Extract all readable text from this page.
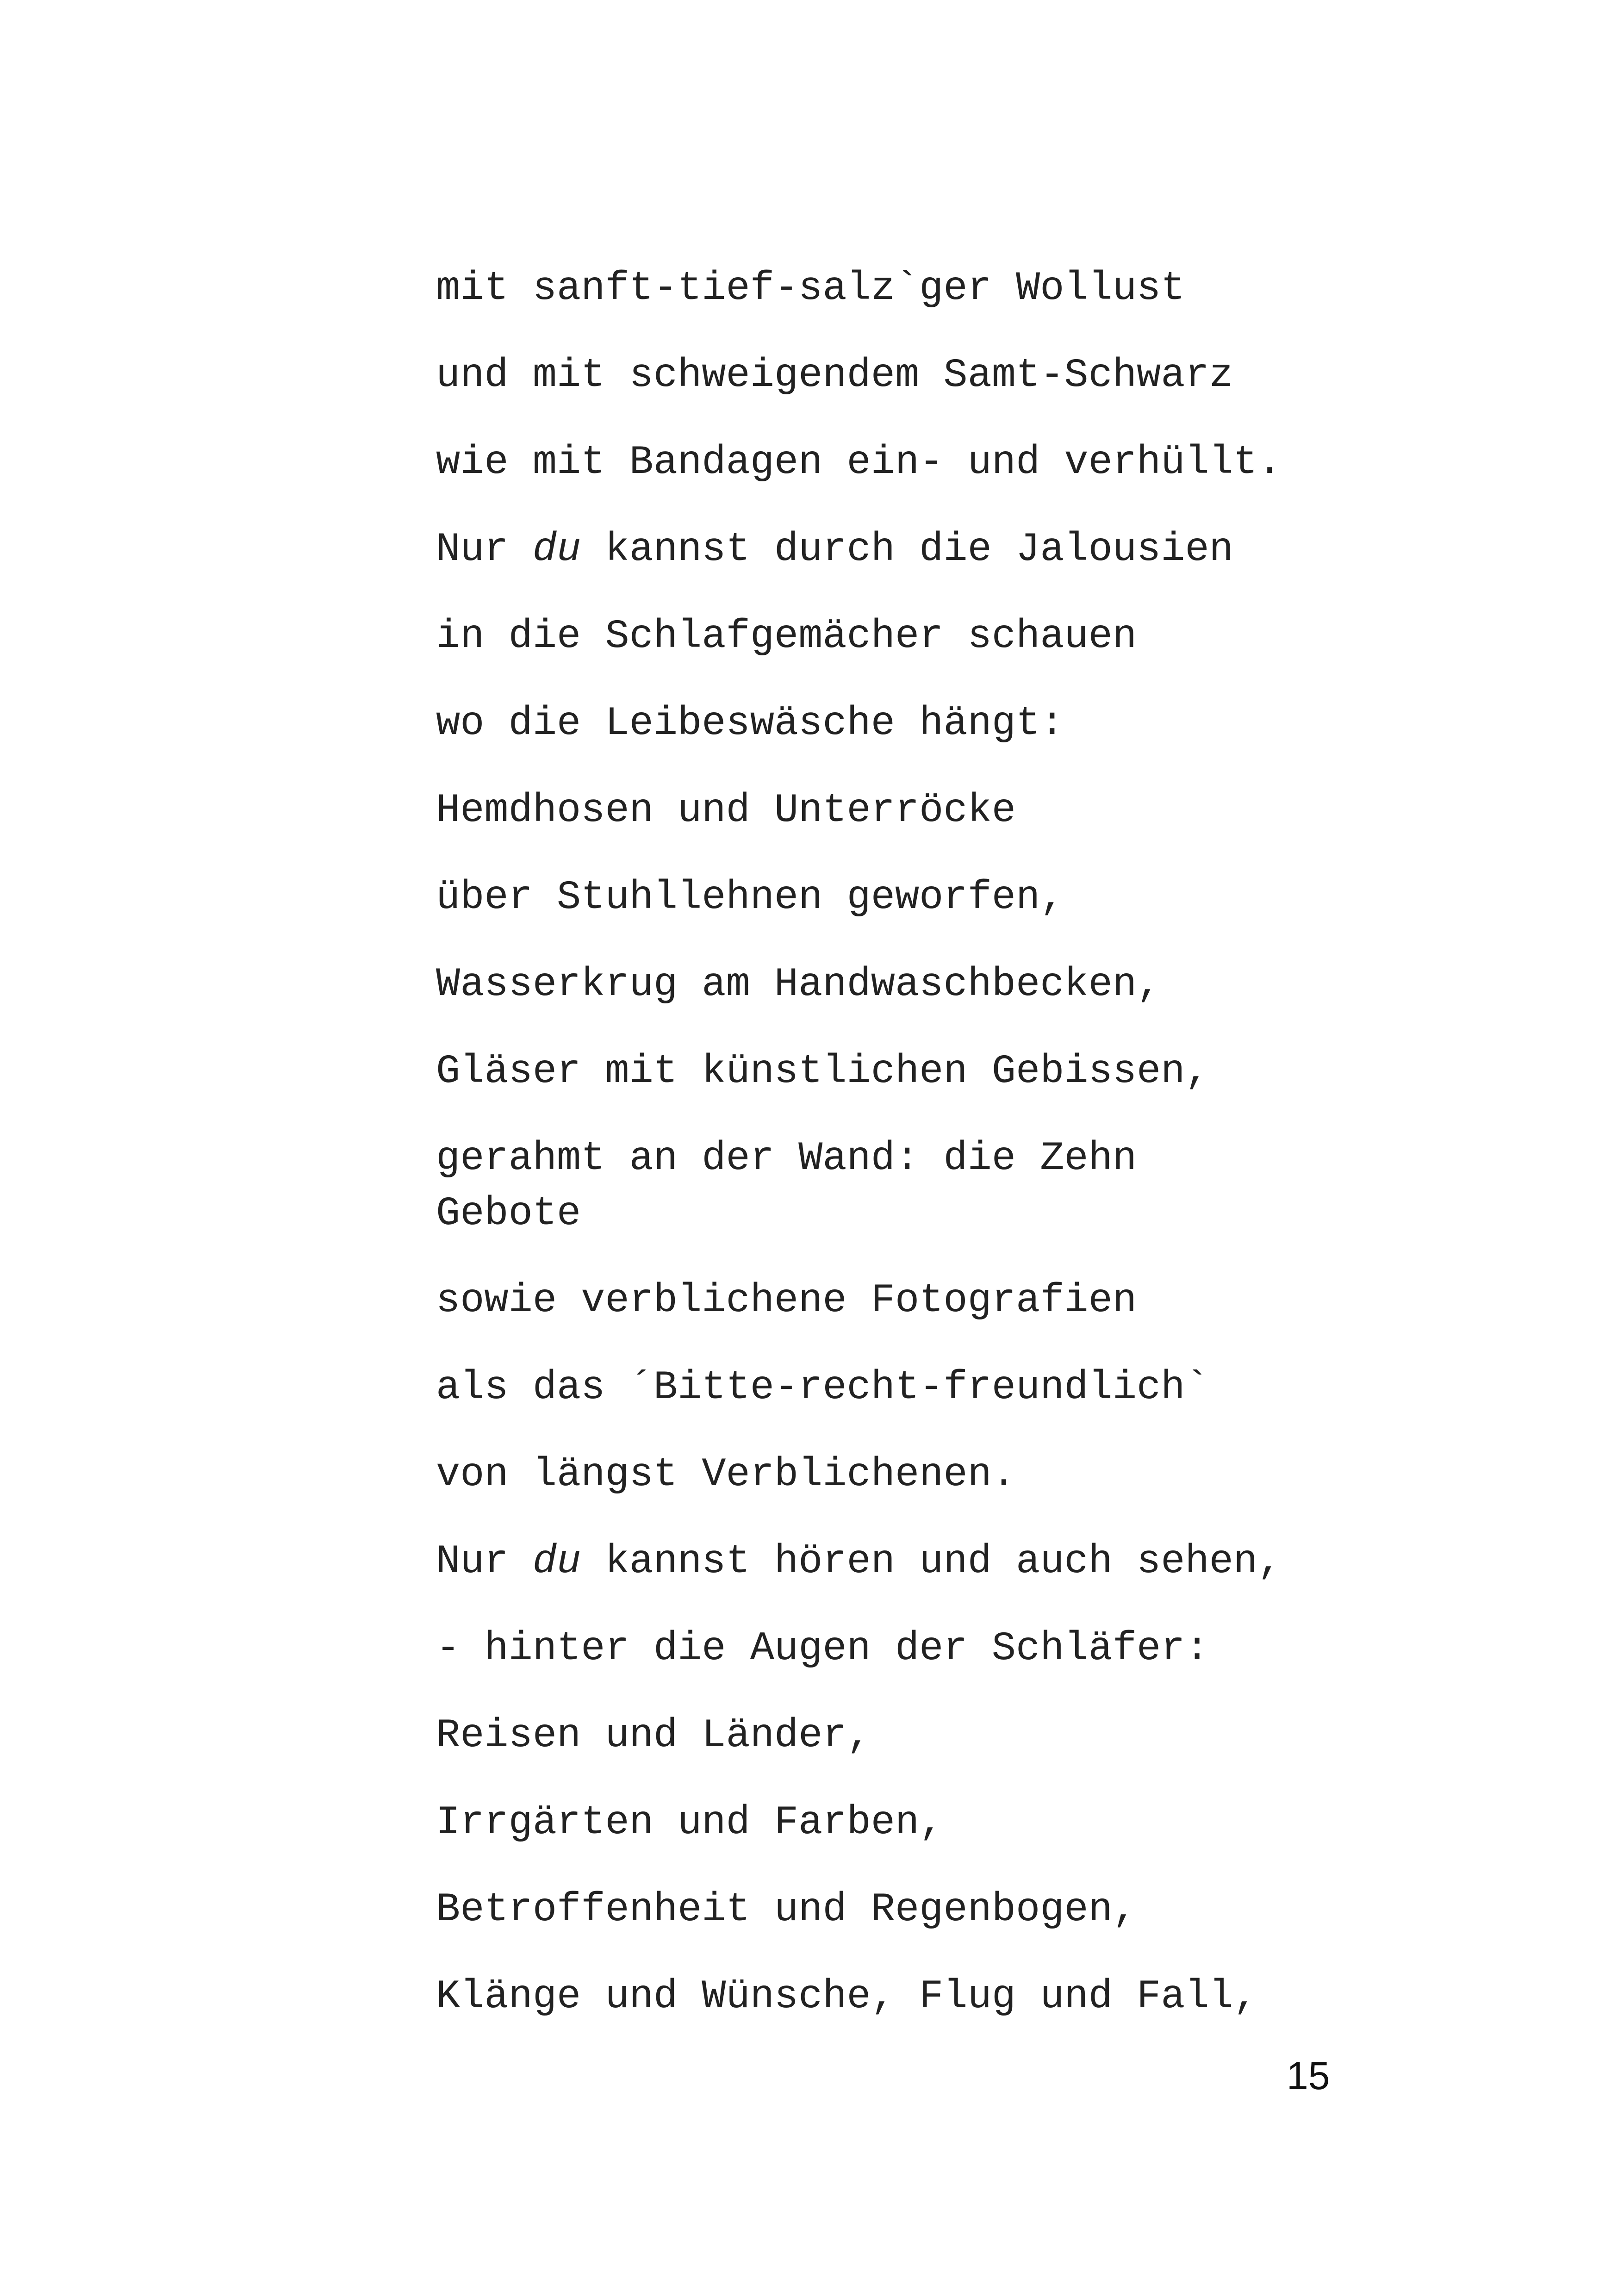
mit sanft-tief-salz`ger Wollust

und mit schweigendem Samt-Schwarz

wie mit Bandagen ein- und verhüllt.

Nur du kannst durch die Jalousien

in die Schlafgemächer schauen

wo die Leibeswäsche hängt:

Hemdhosen und Unterröcke

über Stuhllehnen geworfen,

Wasserkrug am Handwaschbecken,

Gläser mit künstlichen Gebissen,

gerahmt an der Wand: die Zehn Gebote

sowie verblichene Fotografien

als das ´Bitte-recht-freundlich`

von längst Verblichenen.

Nur du kannst hören und auch sehen,

- hinter die Augen der Schläfer:

Reisen und Länder,

Irrgärten und Farben,

Betroffenheit und Regenbogen,

Klänge und Wünsche, Flug und Fall,

15
